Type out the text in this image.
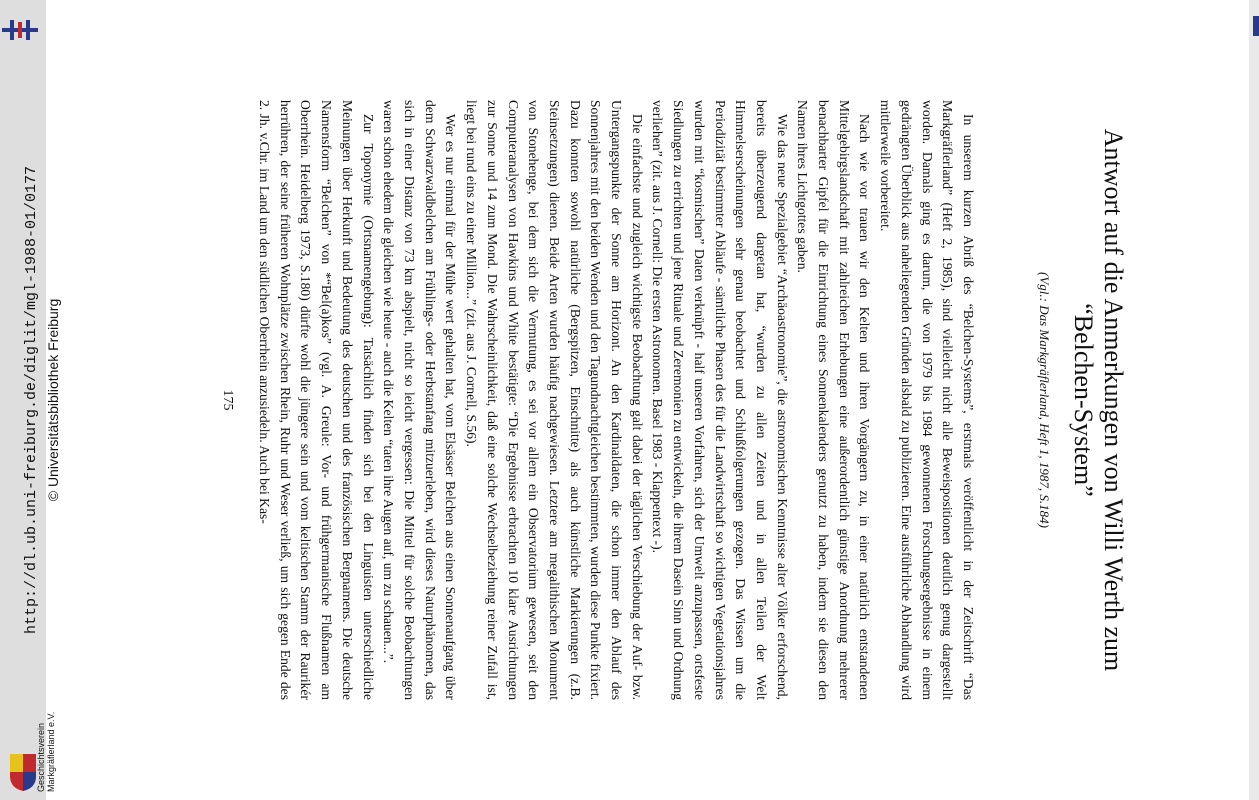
http://dl.ub.uni-freiburg.de/diglit/mgl-1988-01/0177 © Universitätsbibliothek Freiburg
Geschichtsverein Markgräflerland e.V.
Antwort auf die Anmerkungen von Willi Werth zum
“Belchen-System”
(Vgl.: Das Markgräflerland, Heft 1, 1987, S.184)

In unserem kurzen Abriß des “Belchen-Systems”, erstmals veröffentlicht in der Zeitschrift “Das Markgräflerland” (Heft 2, 1985), sind vielleicht nicht alle Beweispositionen deutlich genug dargestellt worden. Damals ging es darum, die von 1979 bis 1984 gewonnenen Forschungsergebnisse in einem gedrängten Überblick aus naheliegenden Gründen alsbald zu publizieren. Eine ausführliche Abhandlung wird mittlerweile vorbereitet.

Nach wie vor trauen wir den Kelten und ihren Vorgängern zu, in einer natürlich entstandenen Mittelgebirgslandschaft mit zahlreichen Erhebungen eine außerordentlich günstige Anordnung mehrerer benachbarter Gipfel für die Einrichtung eines Sonnenkalenders genutzt zu haben, indem sie diesen den Namen ihres Lichtgottes gaben.

Wie das neue Spezialgebiet “Archäoastronomie”, die astronomischen Kenntnisse alter Völker erforschend, bereits überzeugend dargetan hat, “wurden zu allen Zeiten und in allen Teilen der Welt Himmelserscheinungen sehr genau beobachtet und Schlußfolgerungen gezogen. Das Wissen um die Periodizität bestimmter Abläufe - sämtliche Phasen des für die Landwirtschaft so wichtigen Vegetationsjahres wurden mit “kosmischen” Daten verknüpft - half unseren Vorfahren, sich der Umwelt anzupassen, ortsfeste Siedlungen zu errichten und jene Rituale und Zeremonien zu entwickeln, die ihrem Dasein Sinn und Ordnung verliehen” (zit. aus J. Cornell: Die ersten Astronomen. Basel 1983 - Klappentext -).

Die einfachste und zugleich wichtigste Beobachtung galt dabei der täglichen Verschiebung der Auf- bzw. Untergangspunkte der Sonne am Horizont. An den Kardinaldaten, die schon immer den Ablauf des Sonnenjahres mit den beiden Wenden und den Tagundnachtgleichen bestimmten, wurden diese Punkte fixiert. Dazu konnten sowohl natürliche (Bergspitzen, Einschnitte) als auch künstliche Markierungen (z.B. Steinsetzungen) dienen. Beide Arten wurden häufig nachgewiesen. Letztere am megalithischen Monument von Stonehenge, bei dem sich die Vermutung, es sei vor allem ein Observatorium gewesen, seit den Computeranalysen von Hawkins und White bestätigte: “Die Ergebnisse erbrachten 10 klare Ausrichtungen zur Sonne und 14 zum Mond. Die Wahrscheinlichkeit, daß eine solche Wechselbeziehung reiner Zufall ist, liegt bei rund eins zu einer Million...” (zit. aus J. Cornell, S.56).

Wer es nur einmal für der Mühe wert gehalten hat, vom Elsässer Belchen aus einen Sonnenaufgang über dem Schwarzwaldbelchen am Frühlings- oder Herbstanfang mitzuerleben, wird dieses Naturphänomen, das sich in einer Distanz von 73 km abspielt, nicht so leicht vergessen: Die Mittel für solche Beobachtungen waren schon ehedem die gleichen wie heute - auch die Kelten “taten ihre Augen auf, um zu schauen...”.

Zur Toponymie (Ortsnamengebung): Tatsächlich finden sich bei den Linguisten unterschiedliche Meinungen über Herkunft und Bedeutung des deutschen und des französischen Bergnamens. Die deutsche Namensform “Belchen” von *“Bel(a)kos” (vgl. A. Greule: Vor- und frühgermanische Flußnamen am Oberrhein. Heidelberg 1973, S.180) dürfte wohl die jüngere sein und vom keltischen Stamm der Raurikér herrühren, der seine früheren Wohnplätze zwischen Rhein, Ruhr und Weser verließ, um sich gegen Ende des 2. Jh. v.Chr. im Land um den südlichen Oberrhein anzusiedeln. Auch bei Kas-

175
